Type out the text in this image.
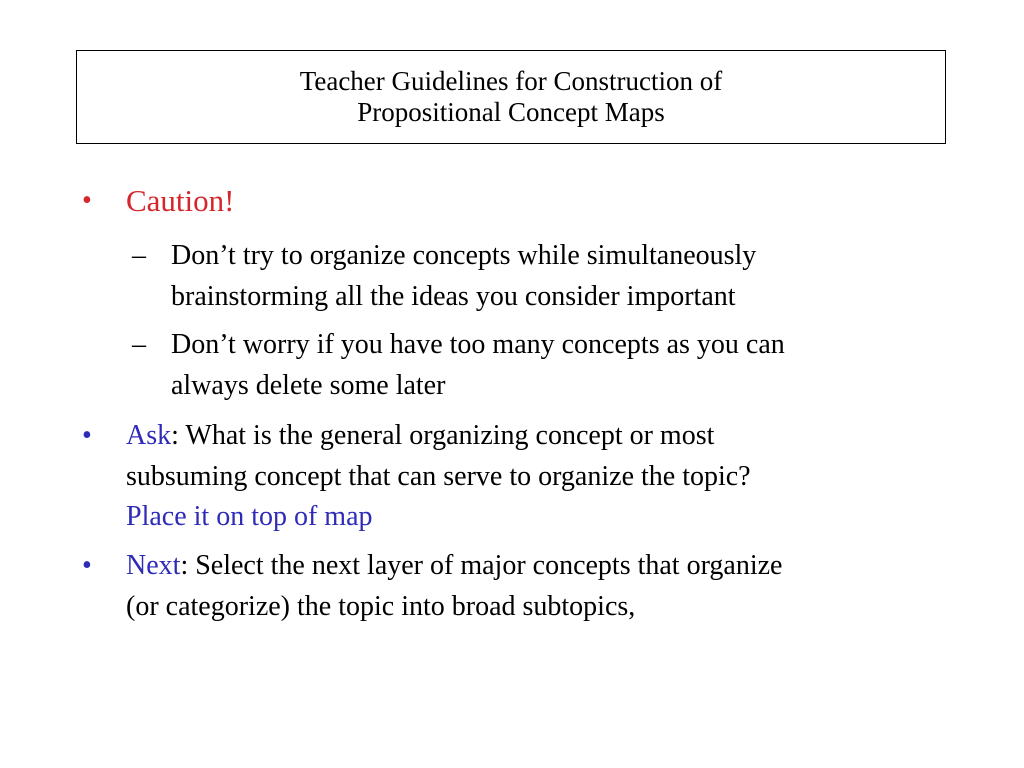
Teacher Guidelines for Construction of
Propositional Concept Maps
•	Caution!
– Don’t try to organize concepts while simultaneously
brainstorming all the ideas you consider important
– Don’t worry if you have too many concepts as you can
always delete some later
•	Ask: What is the general organizing concept or most
subsuming concept that can serve to organize the topic?
Place it on top of map
•	Next: Select the next layer of major concepts that organize
(or categorize) the topic into broad subtopics,
